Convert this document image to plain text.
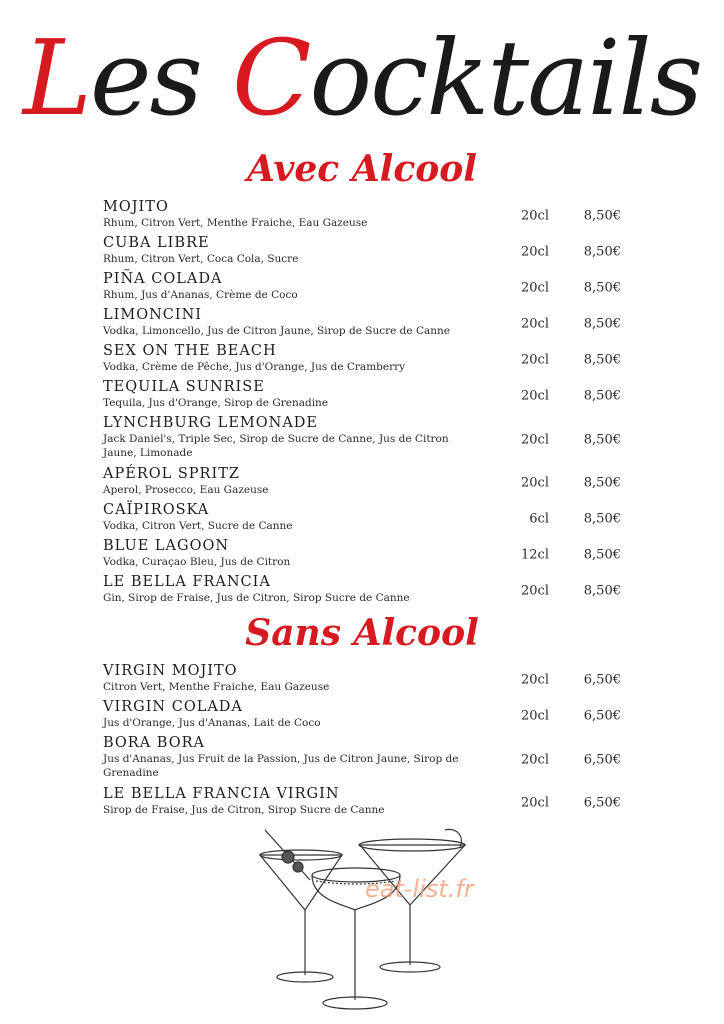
Les Cocktails
Avec Alcool
MOJITO
Rhum, Citron Vert, Menthe Fraiche, Eau Gazeuse	20cl	8,50€
CUBA LIBRE
Rhum, Citron Vert, Coca Cola, Sucre	20cl	8,50€
PIÑA COLADA
Rhum, Jus d'Ananas, Crème de Coco	20cl	8,50€
LIMONCINI
Vodka, Limoncello, Jus de Citron Jaune, Sirop de Sucre de Canne	20cl	8,50€
SEX ON THE BEACH
Vodka, Crème de Pêche, Jus d'Orange, Jus de Cramberry	20cl	8,50€
TEQUILA SUNRISE
Tequila, Jus d'Orange, Sirop de Grenadine	20cl	8,50€
LYNCHBURG LEMONADE
Jack Daniel's, Triple Sec, Sirop de Sucre de Canne, Jus de Citron Jaune, Limonade
20cl	8,50€
APÉROL SPRITZ
Aperol, Prosecco, Eau Gazeuse	20cl	8,50€
CAÏPIROSKA
Vodka, Citron Vert, Sucre de Canne	6cl	8,50€
BLUE LAGOON
Vodka, Curaçao Bleu, Jus de Citron	12cl	8,50€
LE BELLA FRANCIA
Gin, Sirop de Fraise, Jus de Citron, Sirop Sucre de Canne	20cl	8,50€
Sans Alcool
VIRGIN MOJITO
Citron Vert, Menthe Fraiche, Eau Gazeuse	20cl	6,50€
VIRGIN COLADA
Jus d'Orange, Jus d'Ananas, Lait de Coco	20cl	6,50€
BORA BORA
Jus d'Ananas, Jus Fruit de la Passion, Jus de Citron Jaune, Sirop de Grenadine
20cl	6,50€
LE BELLA FRANCIA VIRGIN
Sirop de Fraise, Jus de Citron, Sirop Sucre de Canne	20cl	6,50€
eat-list.fr
